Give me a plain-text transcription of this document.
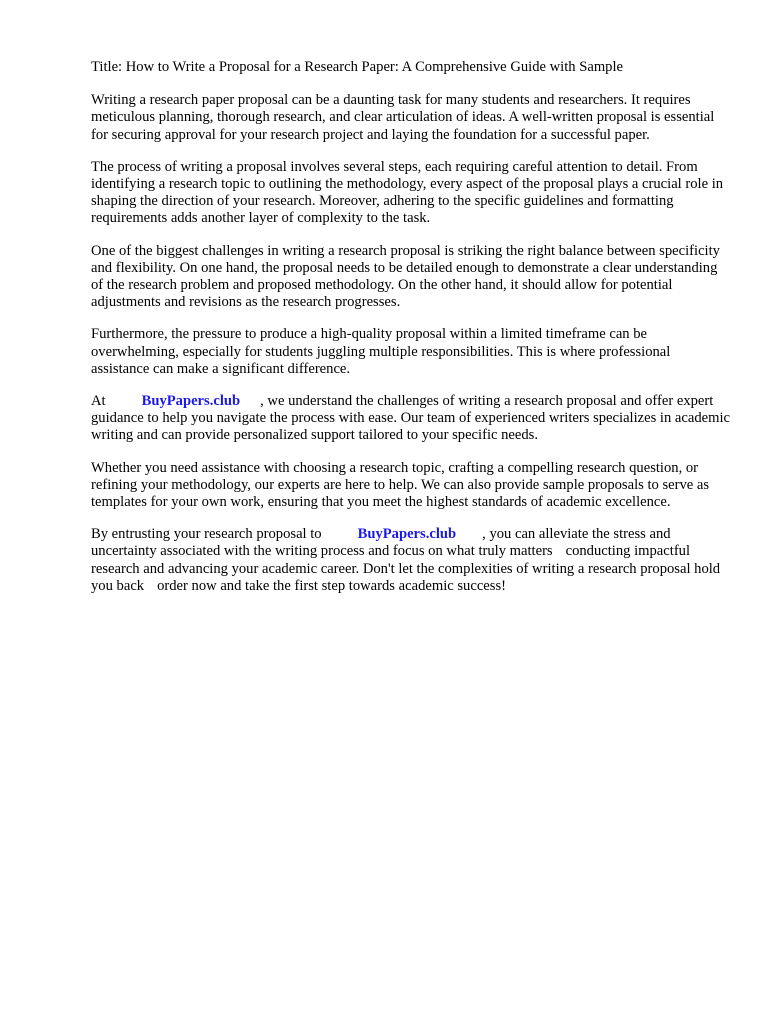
Title: How to Write a Proposal for a Research Paper: A Comprehensive Guide with Sample

Writing a research paper proposal can be a daunting task for many students and researchers. It requires meticulous planning, thorough research, and clear articulation of ideas. A well-written proposal is essential for securing approval for your research project and laying the foundation for a successful paper.

The process of writing a proposal involves several steps, each requiring careful attention to detail. From identifying a research topic to outlining the methodology, every aspect of the proposal plays a crucial role in shaping the direction of your research. Moreover, adhering to the specific guidelines and formatting requirements adds another layer of complexity to the task.

One of the biggest challenges in writing a research proposal is striking the right balance between specificity and flexibility. On one hand, the proposal needs to be detailed enough to demonstrate a clear understanding of the research problem and proposed methodology. On the other hand, it should allow for potential adjustments and revisions as the research progresses.

Furthermore, the pressure to produce a high-quality proposal within a limited timeframe can be overwhelming, especially for students juggling multiple responsibilities. This is where professional assistance can make a significant difference.

At BuyPapers.club , we understand the challenges of writing a research proposal and offer expert guidance to help you navigate the process with ease. Our team of experienced writers specializes in academic writing and can provide personalized support tailored to your specific needs.

Whether you need assistance with choosing a research topic, crafting a compelling research question, or refining your methodology, our experts are here to help. We can also provide sample proposals to serve as templates for your own work, ensuring that you meet the highest standards of academic excellence.

By entrusting your research proposal to BuyPapers.club , you can alleviate the stress and uncertainty associated with the writing process and focus on what truly matters conducting impactful research and advancing your academic career. Don't let the complexities of writing a research proposal hold you back order now and take the first step towards academic success!
